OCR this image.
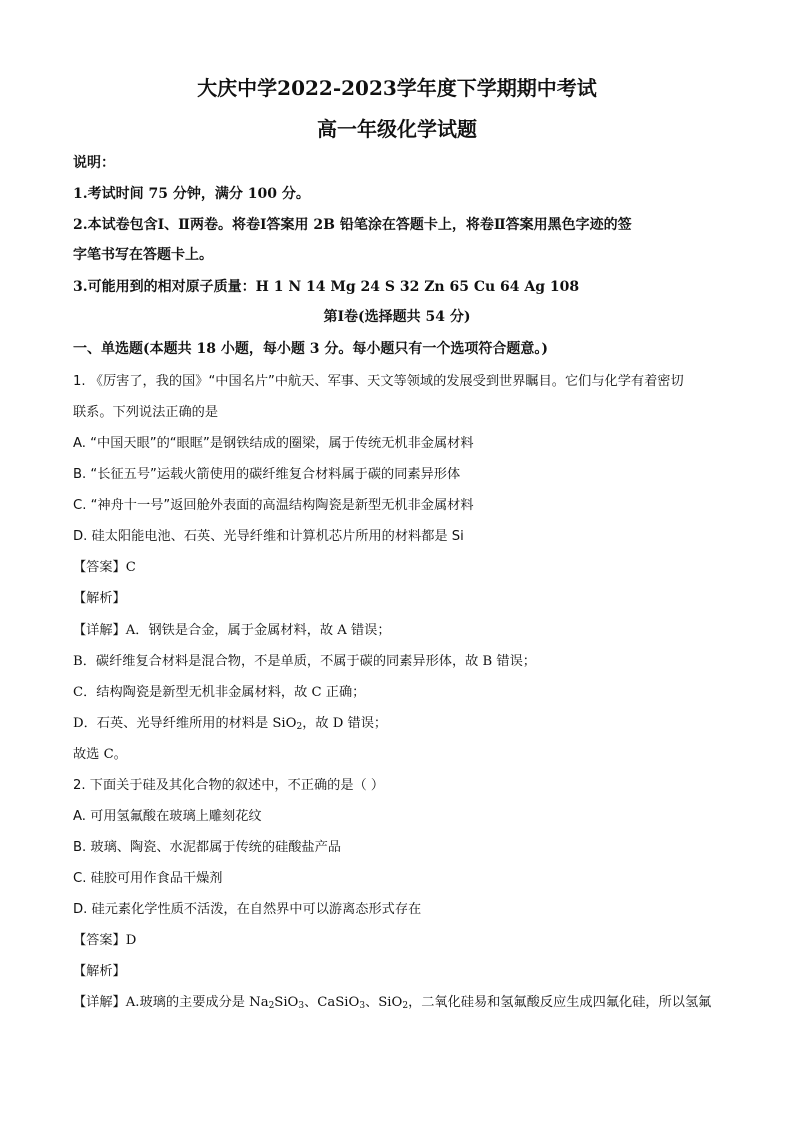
大庆中学2022-2023学年度下学期期中考试
高一年级化学试题
说明：
1.考试时间 75 分钟，满分 100 分。
2.本试卷包含Ⅰ、Ⅱ两卷。将卷Ⅰ答案用 2B 铅笔涂在答题卡上，将卷Ⅱ答案用黑色字迹的签
字笔书写在答题卡上。
3.可能用到的相对原子质量：H 1 N 14 Mg 24 S 32 Zn 65 Cu 64 Ag 108
第Ⅰ卷(选择题共 54 分)
一、单选题(本题共 18 小题，每小题 3 分。每小题只有一个选项符合题意。)
1. 《厉害了，我的国》“中国名片”中航天、军事、天文等领域的发展受到世界瞩目。它们与化学有着密切
联系。下列说法正确的是
A. “中国天眼”的“眼眶”是钢铁结成的圈梁，属于传统无机非金属材料
B. “长征五号”运载火箭使用的碳纤维复合材料属于碳的同素异形体
C. “神舟十一号”返回舱外表面的高温结构陶瓷是新型无机非金属材料
D. 硅太阳能电池、石英、光导纤维和计算机芯片所用的材料都是 Si
【答案】C
【解析】
【详解】A．钢铁是合金，属于金属材料，故 A 错误；
B．碳纤维复合材料是混合物，不是单质，不属于碳的同素异形体，故 B 错误；
C．结构陶瓷是新型无机非金属材料，故 C 正确；
D．石英、光导纤维所用的材料是 SiO$_2$，故 D 错误；
故选 C。
2. 下面关于硅及其化合物的叙述中，不正确的是（ ）
A. 可用氢氟酸在玻璃上雕刻花纹
B. 玻璃、陶瓷、水泥都属于传统的硅酸盐产品
C. 硅胶可用作食品干燥剂
D. 硅元素化学性质不活泼，在自然界中可以游离态形式存在
【答案】D
【解析】
【详解】A.玻璃的主要成分是 $Na_2SiO_3$、CaSiO$_3$、SiO$_2$，二氧化硅易和氢氟酸反应生成四氟化硅，所以氢氟
